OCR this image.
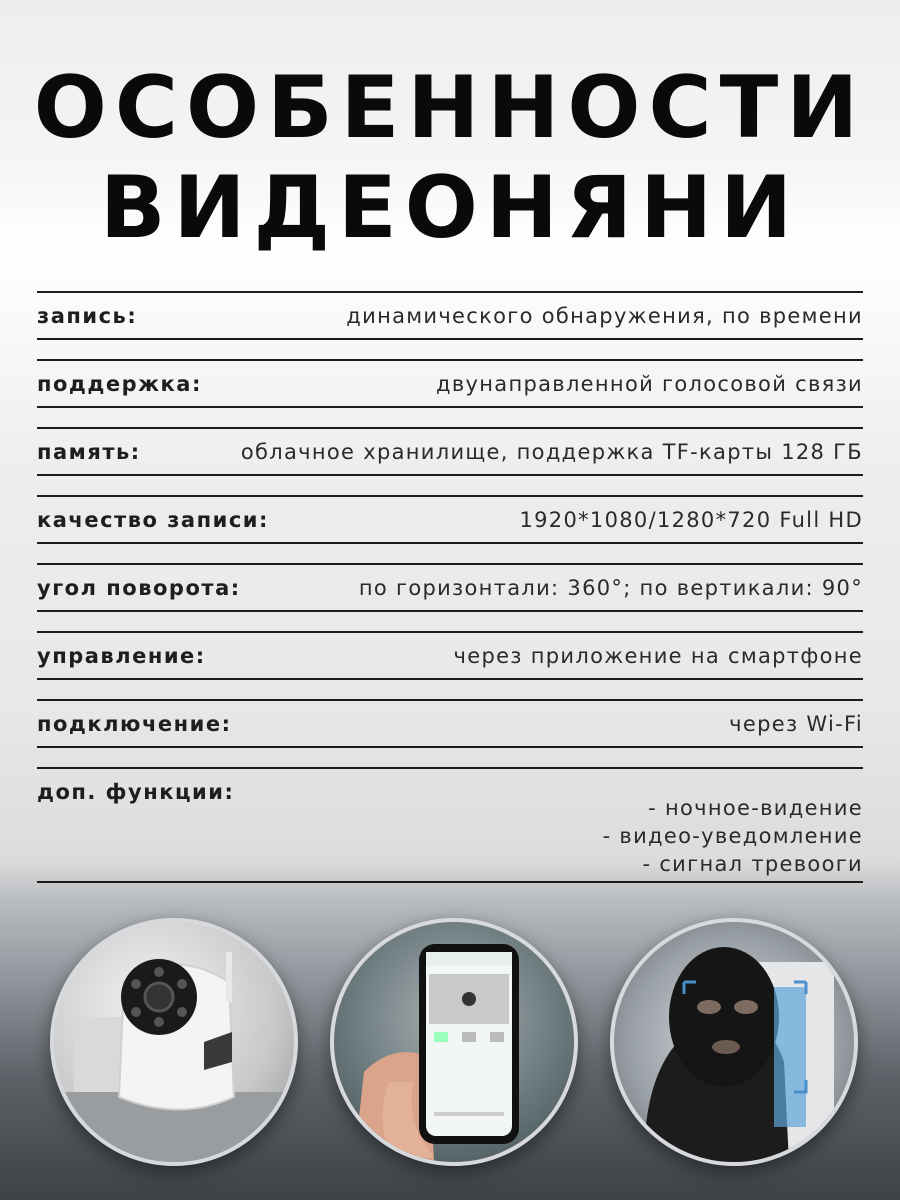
ОСОБЕННОСТИ
ВИДЕОНЯНИ
запись:	динамического обнаружения, по времени
поддержка:	двунаправленной голосовой связи
память:	облачное хранилище, поддержка TF-карты 128 ГБ
качество записи:	1920*1080/1280*720 Full HD
угол поворота:	по горизонтали: 360°; по вертикали: 90°
управление:	через приложение на смартфоне
подключение:	через Wi-Fi
доп. функции:
- ночное-видение
- видео-уведомление
- сигнал тревооги
